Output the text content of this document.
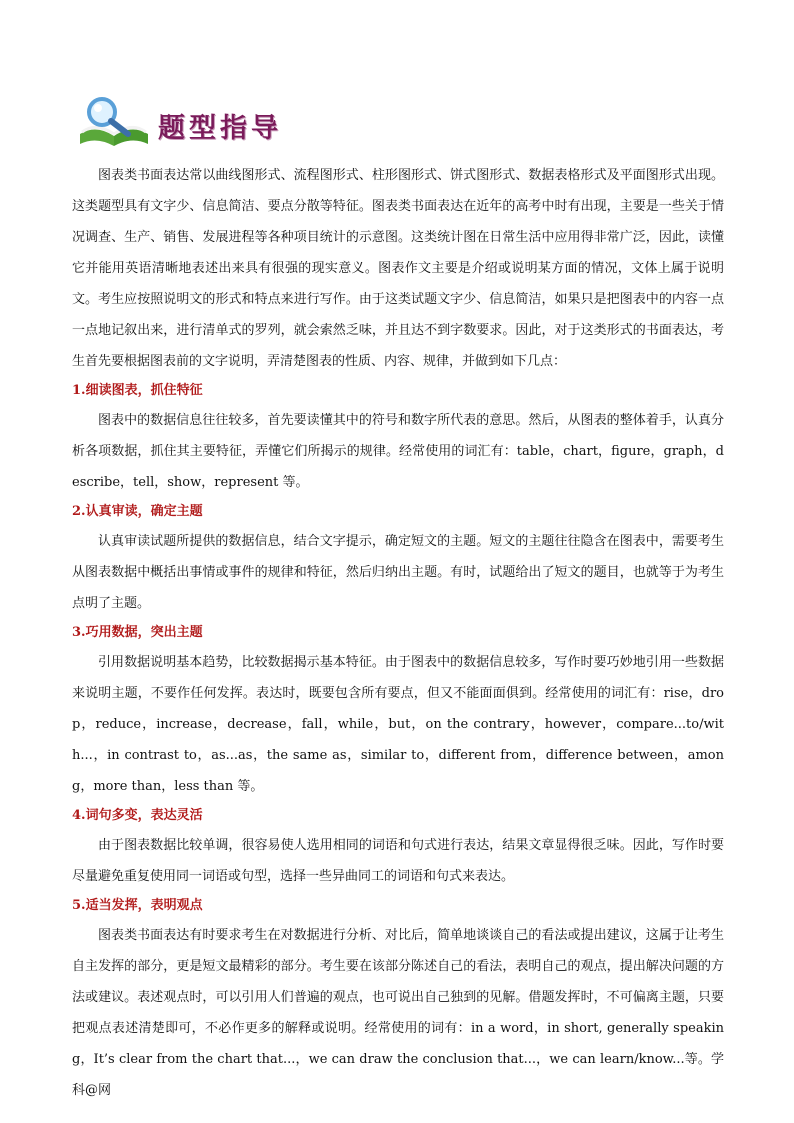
题型指导

图表类书面表达常以曲线图形式、流程图形式、柱形图形式、饼式图形式、数据表格形式及平面图形式出现。这类题型具有文字少、信息简洁、要点分散等特征。图表类书面表达在近年的高考中时有出现，主要是一些关于情况调查、生产、销售、发展进程等各种项目统计的示意图。这类统计图在日常生活中应用得非常广泛，因此，读懂它并能用英语清晰地表述出来具有很强的现实意义。图表作文主要是介绍或说明某方面的情况，文体上属于说明文。考生应按照说明文的形式和特点来进行写作。由于这类试题文字少、信息简洁，如果只是把图表中的内容一点一点地记叙出来，进行清单式的罗列，就会索然乏味，并且达不到字数要求。因此，对于这类形式的书面表达，考生首先要根据图表前的文字说明，弄清楚图表的性质、内容、规律，并做到如下几点：

1.细读图表，抓住特征

图表中的数据信息往往较多，首先要读懂其中的符号和数字所代表的意思。然后，从图表的整体着手，认真分析各项数据，抓住其主要特征，弄懂它们所揭示的规律。经常使用的词汇有：table，chart，figure，graph，describe，tell，show，represent 等。

2.认真审读，确定主题

认真审读试题所提供的数据信息，结合文字提示，确定短文的主题。短文的主题往往隐含在图表中，需要考生从图表数据中概括出事情或事件的规律和特征，然后归纳出主题。有时，试题给出了短文的题目，也就等于为考生点明了主题。

3.巧用数据，突出主题

引用数据说明基本趋势，比较数据揭示基本特征。由于图表中的数据信息较多，写作时要巧妙地引用一些数据来说明主题，不要作任何发挥。表达时，既要包含所有要点，但又不能面面俱到。经常使用的词汇有：rise，drop，reduce，increase，decrease，fall，while，but，on the contrary，however，compare...to/with...，in contrast to，as...as，the same as，similar to，different from，difference between，among，more than，less than 等。

4.词句多变，表达灵活

由于图表数据比较单调，很容易使人选用相同的词语和句式进行表达，结果文章显得很乏味。因此，写作时要尽量避免重复使用同一词语或句型，选择一些异曲同工的词语和句式来表达。

5.适当发挥，表明观点

图表类书面表达有时要求考生在对数据进行分析、对比后，简单地谈谈自己的看法或提出建议，这属于让考生自主发挥的部分，更是短文最精彩的部分。考生要在该部分陈述自己的看法，表明自己的观点，提出解决问题的方法或建议。表述观点时，可以引用人们普遍的观点，也可说出自己独到的见解。借题发挥时，不可偏离主题，只要把观点表述清楚即可，不必作更多的解释或说明。经常使用的词有：in a word，in short, generally speaking，It’s clear from the chart that...，we can draw the conclusion that...，we can learn/know...等。学科@网
